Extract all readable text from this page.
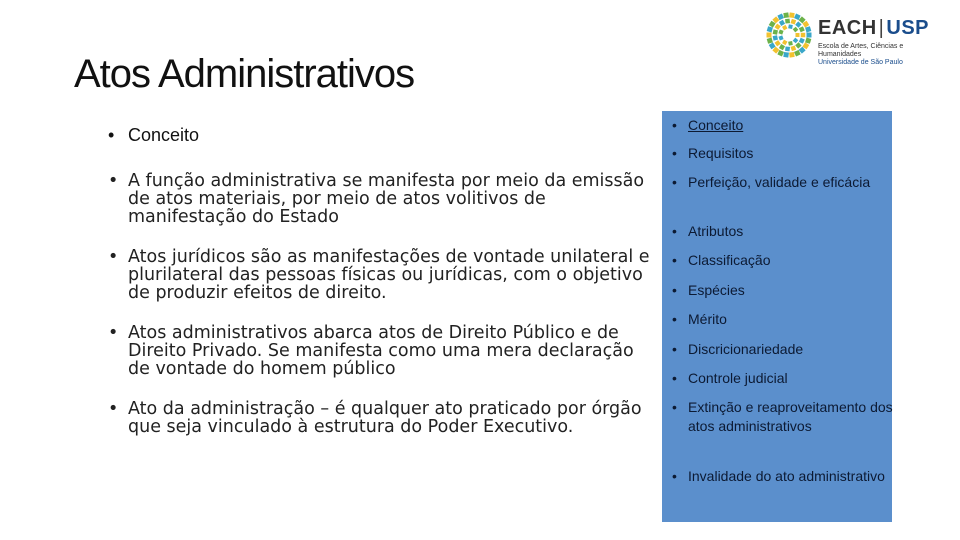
Atos Administrativos
EACH | USP
Escola de Artes, Ciências e Humanidades
Universidade de São Paulo
• Conceito
• A função administrativa se manifesta por meio da emissão de atos materiais, por meio de atos volitivos de manifestação do Estado
• Atos jurídicos são as manifestações de vontade unilateral e plurilateral das pessoas físicas ou jurídicas, com o objetivo de produzir efeitos de direito.
• Atos administrativos abarca atos de Direito Público e de Direito Privado. Se manifesta como uma mera declaração de vontade do homem público
• Ato da administração – é qualquer ato praticado por órgão que seja vinculado à estrutura do Poder Executivo.
• Conceito
• Requisitos
• Perfeição, validade e eficácia
• Atributos
• Classificação
• Espécies
• Mérito
• Discricionariedade
• Controle judicial
• Extinção e reaproveitamento dos atos administrativos
• Invalidade do ato administrativo
